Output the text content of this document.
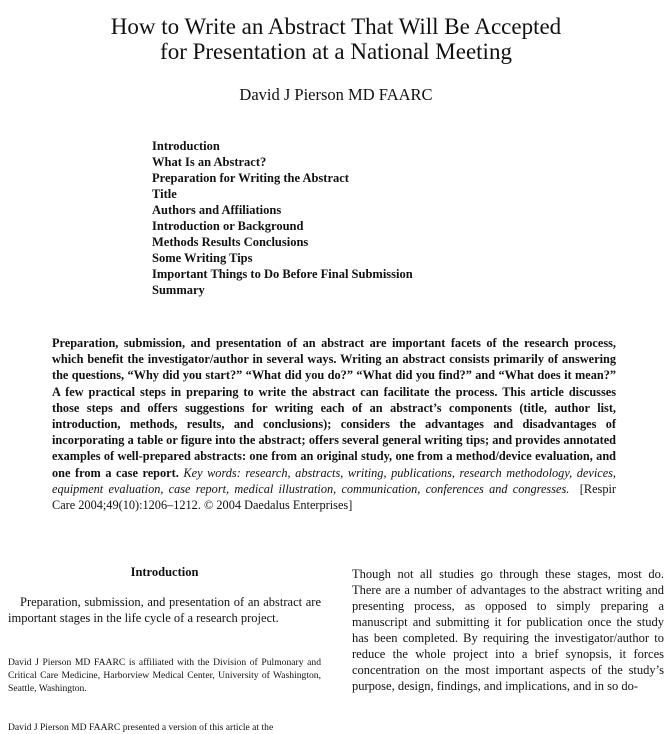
How to Write an Abstract That Will Be Accepted
for Presentation at a National Meeting
David J Pierson MD FAARC
Introduction
What Is an Abstract?
Preparation for Writing the Abstract
Title
Authors and Affiliations
Introduction or Background
Methods Results Conclusions
Some Writing Tips
Important Things to Do Before Final Submission
Summary

Preparation, submission, and presentation of an abstract are important facets of the research process, which benefit the investigator/author in several ways. Writing an abstract consists primarily of answering the questions, “Why did you start?” “What did you do?” “What did you find?” and “What does it mean?” A few practical steps in preparing to write the abstract can facilitate the process. This article discusses those steps and offers suggestions for writing each of an abstract’s components (title, author list, introduction, methods, results, and conclusions); considers the advantages and disadvantages of incorporating a table or figure into the abstract; offers several general writing tips; and provides annotated examples of well-prepared abstracts: one from an original study, one from a method/device evaluation, and one from a case report. Key words: research, abstracts, writing, publications, research methodology, devices, equipment evaluation, case report, medical illustration, communication, conferences and congresses. [Respir Care 2004;49(10):1206–1212. © 2004 Daedalus Enterprises]

Introduction

Preparation, submission, and presentation of an abstract are important stages in the life cycle of a research project.

David J Pierson MD FAARC is affiliated with the Division of Pulmonary and Critical Care Medicine, Harborview Medical Center, University of Washington, Seattle, Washington.

David J Pierson MD FAARC presented a version of this article at the

Though not all studies go through these stages, most do. There are a number of advantages to the abstract writing and presenting process, as opposed to simply preparing a manuscript and submitting it for publication once the study has been completed. By requiring the investigator/author to reduce the whole project into a brief synopsis, it forces concentration on the most important aspects of the study’s purpose, design, findings, and implications, and in so do-
